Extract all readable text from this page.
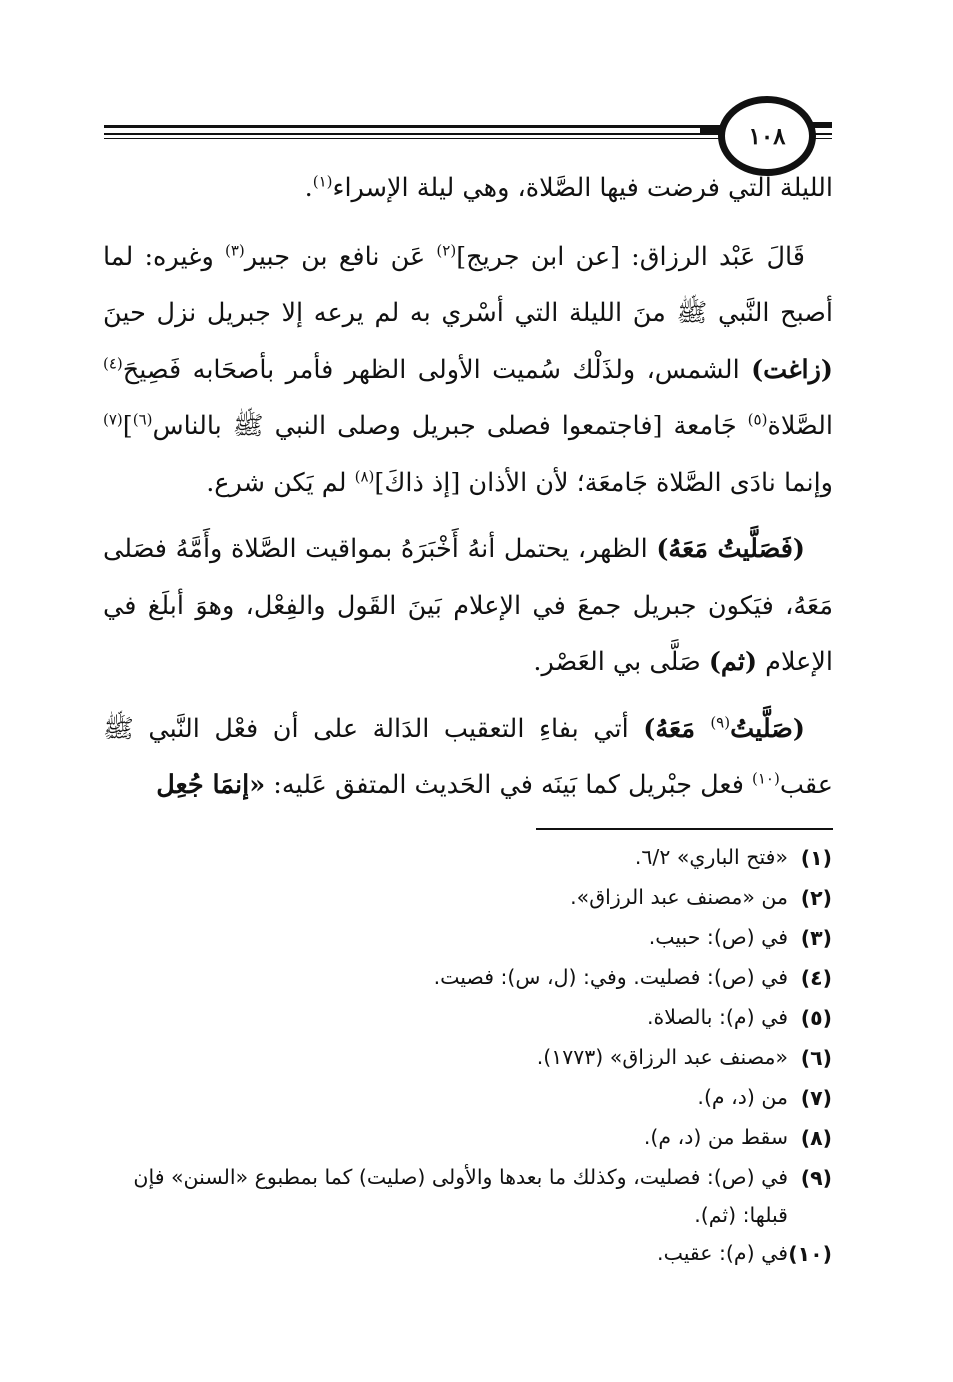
١٠٨

الليلة التي فرضت فيها الصَّلاة، وهي ليلة الإسراء$^{(١)}$.

قَالَ عَبْد الرزاق: [عن ابن جريج]$^{(٢)}$ عَن نافع بن جبير$^{(٣)}$ وغيره: لما أصبح النَّبي ﷺ منَ الليلة التي أسْري به لم يرعه إلا جبريل نزل حينَ (زاغت) الشمس، ولذَلْك سُميت الأولى الظهر فأمر بأصحَابه فَصِيحَ$^{(٤)}$ الصَّلاة$^{(٥)}$ جَامعة [فاجتمعوا فصلى جبريل وصلى النبي ﷺ بالناس$^{(٦)}$]$^{(٧)}$ وإنما نادَى الصَّلاة جَامعَة؛ لأن الأذان [إذ ذاكَ]$^{(٨)}$ لم يَكن شرع.

(فَصَلَّيتُ مَعَهُ) الظهر، يحتمل أنهُ أَخْبَرَهُ بمواقيت الصَّلاة وأَمَّهُ فصَلى مَعَهُ، فيَكون جبريل جمعَ في الإعلام بَينَ القَول والفِعْل، وهوَ أبلَغ في الإعلام (ثم) صَلَّى بي العَصْر.

(صَلَّيتُ$^{(٩)}$ مَعَهُ) أتي بفاءِ التعقيب الدَالة على أن فعْل النَّبي ﷺ عقب$^{(١٠)}$ فعل جبْريل كما بَينَه في الحَديث المتفق عَليه: «إنمَا جُعِل

(١)
«فتح الباري» ٦/٢.
(٢)
من «مصنف عبد الرزاق».
(٣)
في (ص): حبيب.
(٤)
في (ص): فصليت. وفي: (ل، س): فصيت.
(٥)
في (م): بالصلاة.
(٦)
«مصنف عبد الرزاق» (١٧٧٣).
(٧)
من (د، م).
(٨)
سقط من (د، م).
(٩)
في (ص): فصليت، وكذلك ما بعدها والأولى (صليت) كما بمطبوع «السنن» فإن قبلها: (ثم).
(١٠)
في (م): عقيب.
